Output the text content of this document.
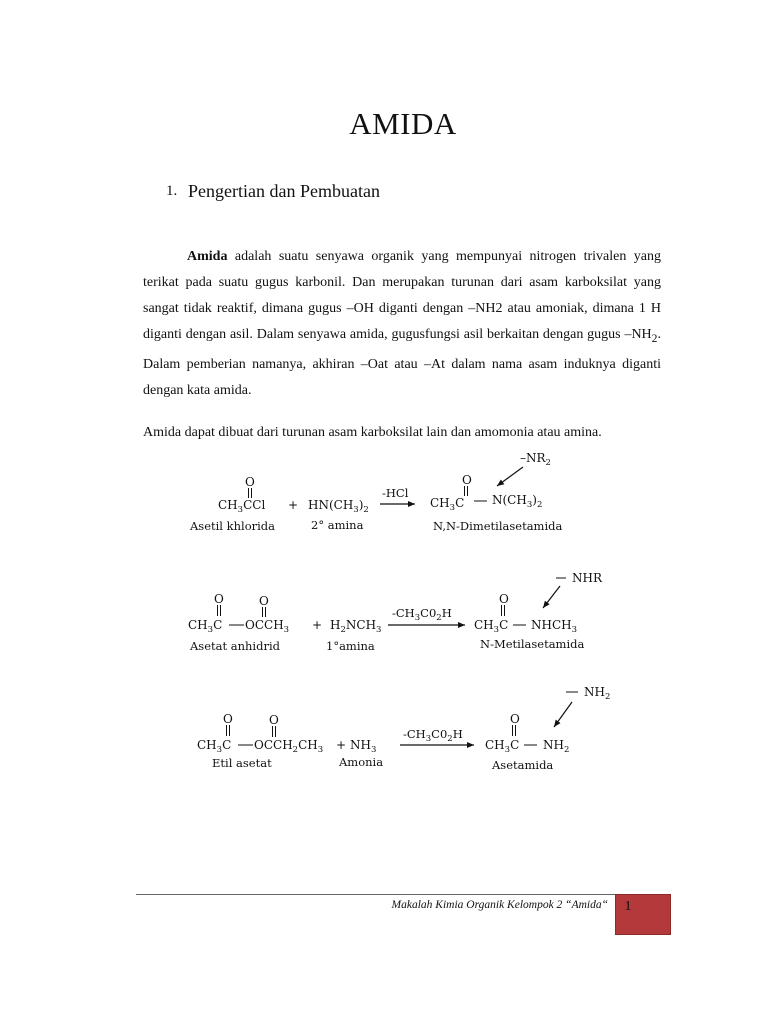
AMIDA
1. Pengertian dan Pembuatan
Amida adalah suatu senyawa organik yang mempunyai nitrogen trivalen yang terikat pada suatu gugus karbonil. Dan merupakan turunan dari asam karboksilat yang sangat tidak reaktif, dimana gugus –OH diganti dengan –NH2 atau amoniak, dimana 1 H diganti dengan asil. Dalam senyawa amida, gugusfungsi asil berkaitan dengan gugus $-NH_2$. Dalam pemberian namanya, akhiran –Oat atau –At dalam nama asam induknya diganti dengan kata amida.
Amida dapat dibuat dari turunan asam karboksilat lain dan amomonia atau amina.
O
$CH_3CCl + HN(CH_3)_2$
-HCl
O
$CH_3C$ $N(CH_3)_2$
$-NR_2$
Asetil khlorida	2° amina	N,N-Dimetilasetamida
O	O
$CH_3C$ $OCCH_3 + H_2NCH_3$
$-CH_3C0_2H$
O
$CH_3C$ $NHCH_3$
NHR
Asetat anhidrid	1°amina	N-Metilasetamida
O	O
$CH_3C$ $OCCH_2CH_3 + NH_3$
$-CH_3C0_2H$
O
$CH_3C$ $NH_2$
$NH_2$
Etil asetat	Amonia	Asetamida
Makalah Kimia Organik Kelompok 2 “Amida“	1
